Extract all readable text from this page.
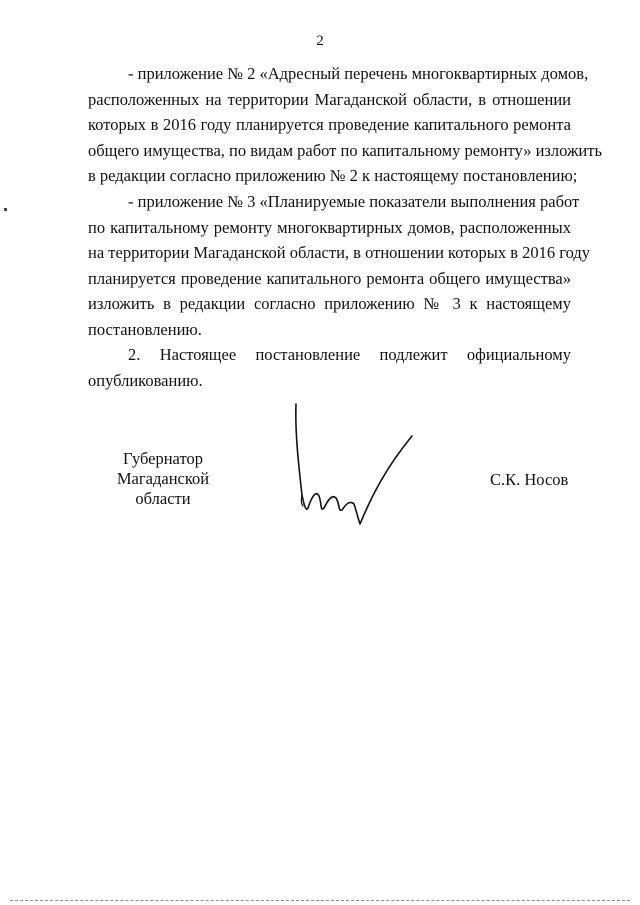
2
- приложение № 2 «Адресный перечень многоквартирных домов,
расположенных на территории Магаданской области, в отношении
которых в 2016 году планируется проведение капитального ремонта
общего имущества, по видам работ по капитальному ремонту» изложить
в редакции согласно приложению № 2 к настоящему постановлению;
- приложение № 3 «Планируемые показатели выполнения работ
по капитальному ремонту многоквартирных домов, расположенных
на территории Магаданской области, в отношении которых в 2016 году
планируется проведение капитального ремонта общего имущества»
изложить в редакции согласно приложению № 3 к настоящему
постановлению.
2. Настоящее постановление подлежит официальному
опубликованию.
Губернатор
Магаданской области
С.К. Носов
